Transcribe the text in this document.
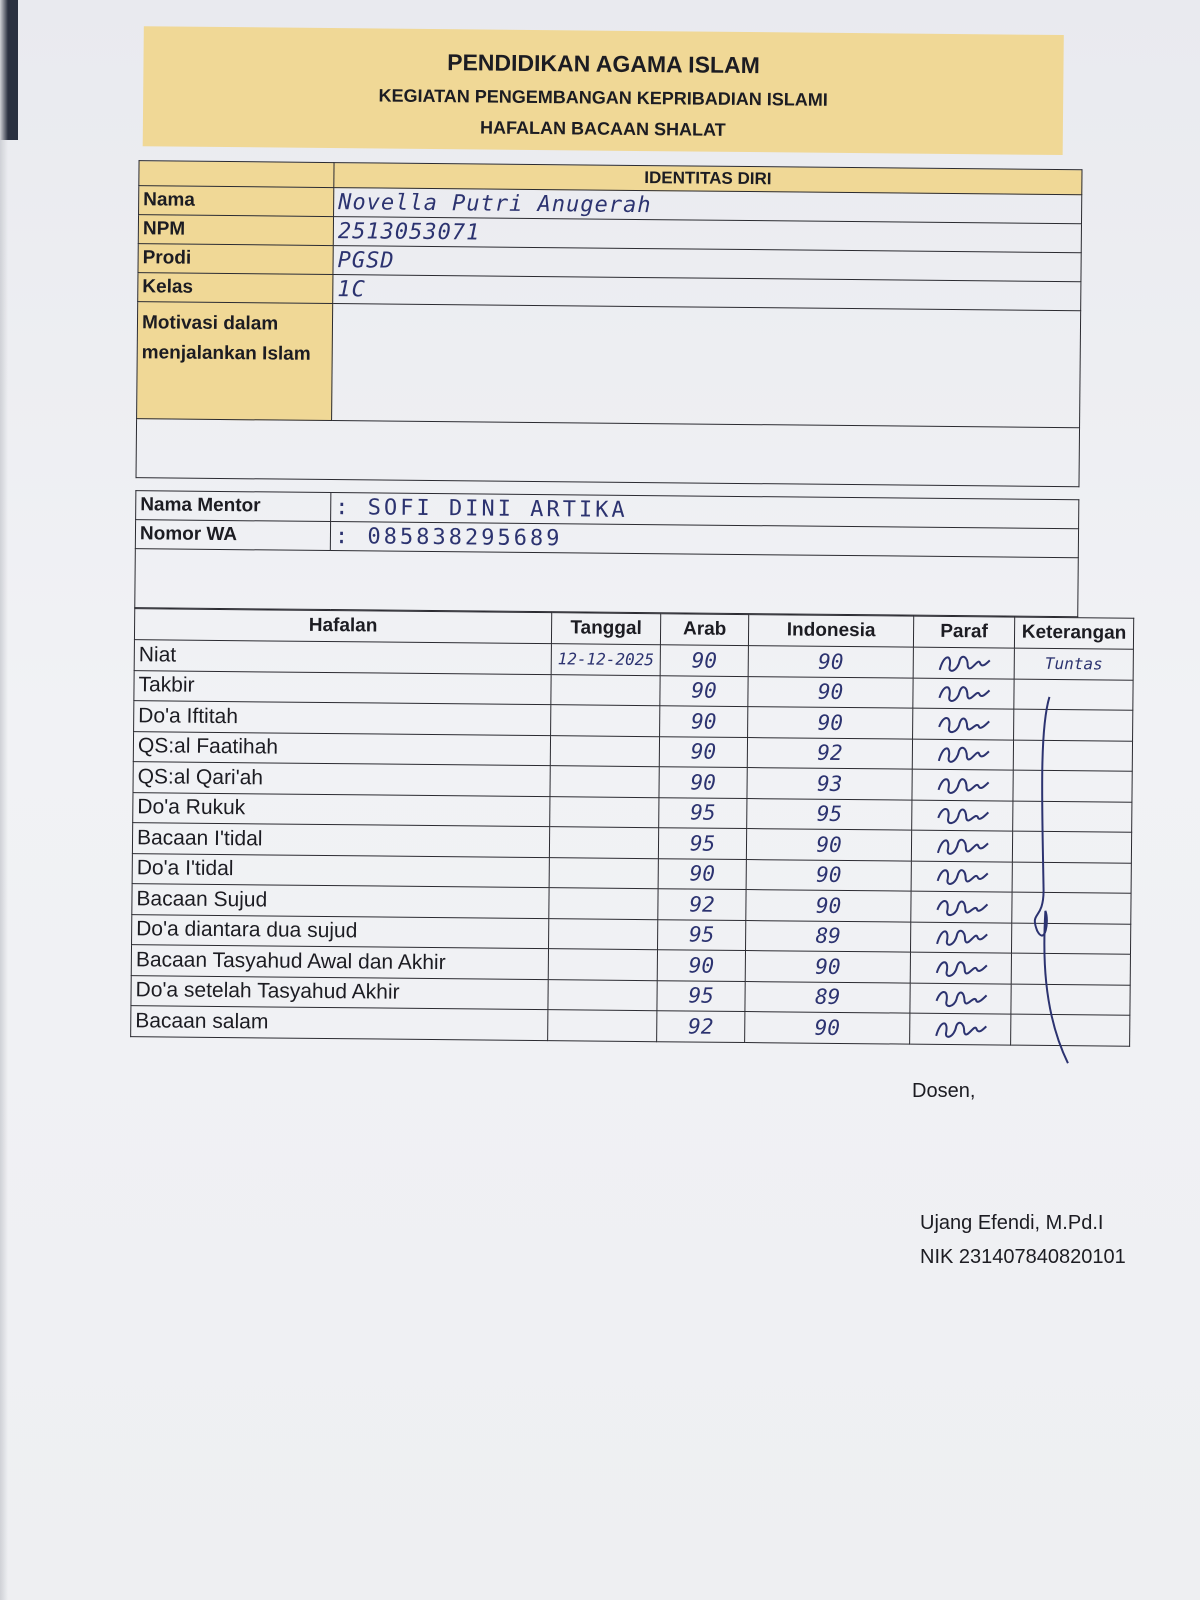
PENDIDIKAN AGAMA ISLAM
KEGIATAN PENGEMBANGAN KEPRIBADIAN ISLAMI
HAFALAN BACAAN SHALAT
	IDENTITAS DIRI
Nama	Novella Putri Anugerah
NPM	2513053071
Prodi	PGSD
Kelas	1C
Motivasi dalam menjalankan Islam	

Nama Mentor	: SOFI DINI ARTIKA
Nomor WA	: 085838295689

Hafalan	Tanggal	Arab	Indonesia	Paraf	Keterangan
Niat	12-12-2025	90	90		Tuntas
Takbir		90	90	

Do'a Iftitah		90	90	

QS:al Faatihah		90	92	

QS:al Qari'ah		90	93	

Do'a Rukuk		95	95	

Bacaan I'tidal		95	90	

Do'a I'tidal		90	90	

Bacaan Sujud		92	90	

Do'a diantara dua sujud		95	89	

Bacaan Tasyahud Awal dan Akhir		90	90	

Do'a setelah Tasyahud Akhir		95	89	

Bacaan salam		92	90	

Dosen,
Ujang Efendi, M.Pd.I
NIK 231407840820101
